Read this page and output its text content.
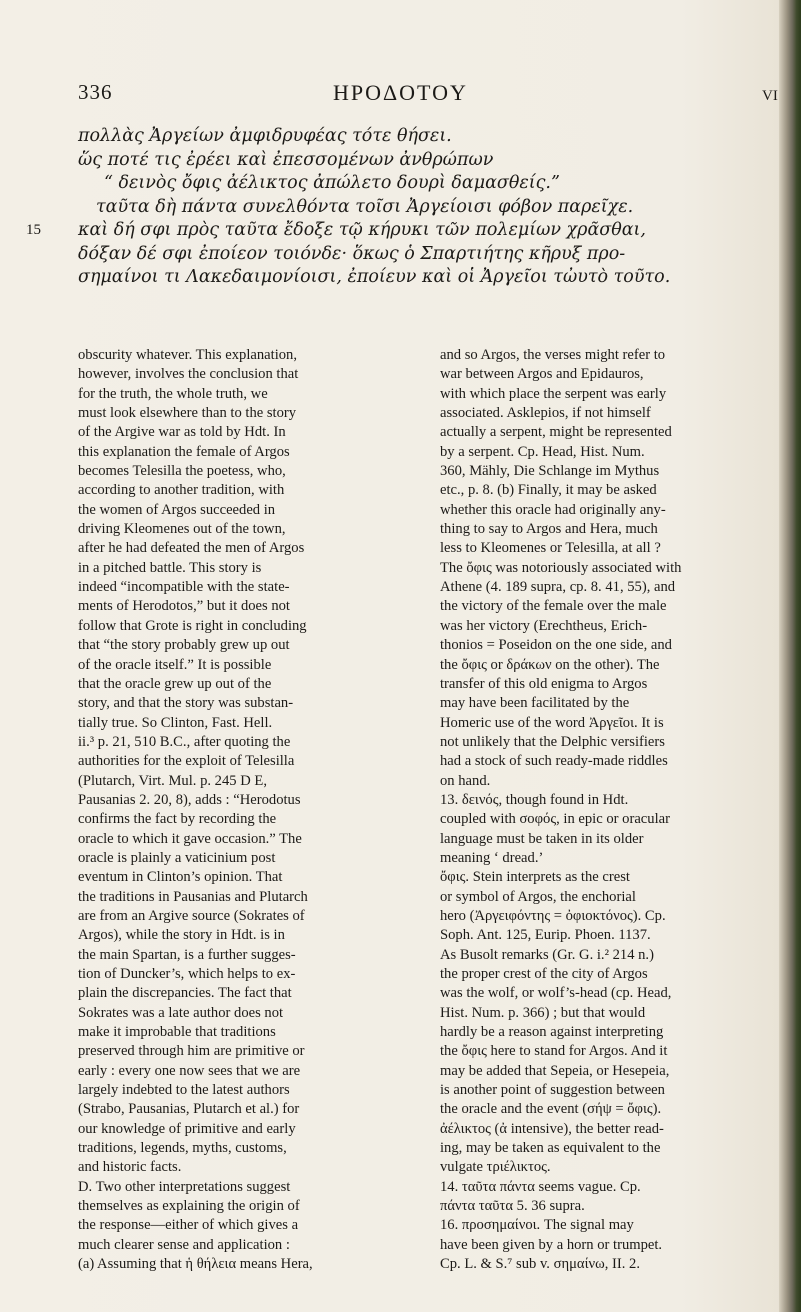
336	HPOΔOTOY	VI
πολλὰς Ἀργείων ἀμφιδρυφέας τότε θήσει.
ὥς ποτέ τις ἐρέει καὶ ἐπεσσομένων ἀνθρώπων
“ δεινὸς ὄφις ἀέλικτος ἀπώλετο δουρὶ δαμασθείς.”
ταῦτα δὴ πάντα συνελθόντα τοῖσι Ἀργείοισι φόβον παρεῖχε.
15 καὶ δή σφι πρὸς ταῦτα ἔδοξε τῷ κήρυκι τῶν πολεμίων χρᾶσθαι,
δόξαν δέ σφι ἐποίεον τοιόνδε· ὅκως ὁ Σπαρτιήτης κῆρυξ προ-
σημαίνοι τι Λακεδαιμονίοισι, ἐποίευν καὶ οἱ Ἀργεῖοι τὠυτὸ τοῦτο.
obscurity whatever. This explanation,
however, involves the conclusion that
for the truth, the whole truth, we
must look elsewhere than to the story
of the Argive war as told by Hdt. In
this explanation the female of Argos
becomes Telesilla the poetess, who,
according to another tradition, with
the women of Argos succeeded in
driving Kleomenes out of the town,
after he had defeated the men of Argos
in a pitched battle. This story is
indeed “incompatible with the state-
ments of Herodotos,” but it does not
follow that Grote is right in concluding
that “the story probably grew up out
of the oracle itself.” It is possible
that the oracle grew up out of the
story, and that the story was substan-
tially true. So Clinton, Fast. Hell.
ii.³ p. 21, 510 B.C., after quoting the
authorities for the exploit of Telesilla
(Plutarch, Virt. Mul. p. 245 D E,
Pausanias 2. 20, 8), adds : “Herodotus
confirms the fact by recording the
oracle to which it gave occasion.” The
oracle is plainly a vaticinium post
eventum in Clinton’s opinion. That
the traditions in Pausanias and Plutarch
are from an Argive source (Sokrates of
Argos), while the story in Hdt. is in
the main Spartan, is a further sugges-
tion of Duncker’s, which helps to ex-
plain the discrepancies. The fact that
Sokrates was a late author does not
make it improbable that traditions
preserved through him are primitive or
early : every one now sees that we are
largely indebted to the latest authors
(Strabo, Pausanias, Plutarch et al.) for
our knowledge of primitive and early
traditions, legends, myths, customs,
and historic facts.
D. Two other interpretations suggest
themselves as explaining the origin of
the response—either of which gives a
much clearer sense and application :
(a) Assuming that ἡ θήλεια means Hera,
and so Argos, the verses might refer to
war between Argos and Epidauros,
with which place the serpent was early
associated. Asklepios, if not himself
actually a serpent, might be represented
by a serpent. Cp. Head, Hist. Num.
360, Mähly, Die Schlange im Mythus
etc., p. 8. (b) Finally, it may be asked
whether this oracle had originally any-
thing to say to Argos and Hera, much
less to Kleomenes or Telesilla, at all ?
The ὄφις was notoriously associated with
Athene (4. 189 supra, cp. 8. 41, 55), and
the victory of the female over the male
was her victory (Erechtheus, Erich-
thonios = Poseidon on the one side, and
the ὄφις or δράκων on the other). The
transfer of this old enigma to Argos
may have been facilitated by the
Homeric use of the word Ἀργεῖοι. It is
not unlikely that the Delphic versifiers
had a stock of such ready-made riddles
on hand.
13. δεινός, though found in Hdt.
coupled with σοφός, in epic or oracular
language must be taken in its older
meaning ‘ dread.’
ὄφις. Stein interprets as the crest
or symbol of Argos, the enchorial
hero (Ἀργειφόντης = ὀφιοκτόνος). Cp.
Soph. Ant. 125, Eurip. Phoen. 1137.
As Busolt remarks (Gr. G. i.² 214 n.)
the proper crest of the city of Argos
was the wolf, or wolf’s-head (cp. Head,
Hist. Num. p. 366) ; but that would
hardly be a reason against interpreting
the ὄφις here to stand for Argos. And it
may be added that Sepeia, or Hesepeia,
is another point of suggestion between
the oracle and the event (σήψ = ὄφις).
ἀέλικτος (ἀ intensive), the better read-
ing, may be taken as equivalent to the
vulgate τριέλικτος.
14. ταῦτα πάντα seems vague. Cp.
πάντα ταῦτα 5. 36 supra.
16. προσημαίνοι. The signal may
have been given by a horn or trumpet.
Cp. L. & S.⁷ sub v. σημαίνω, II. 2.
